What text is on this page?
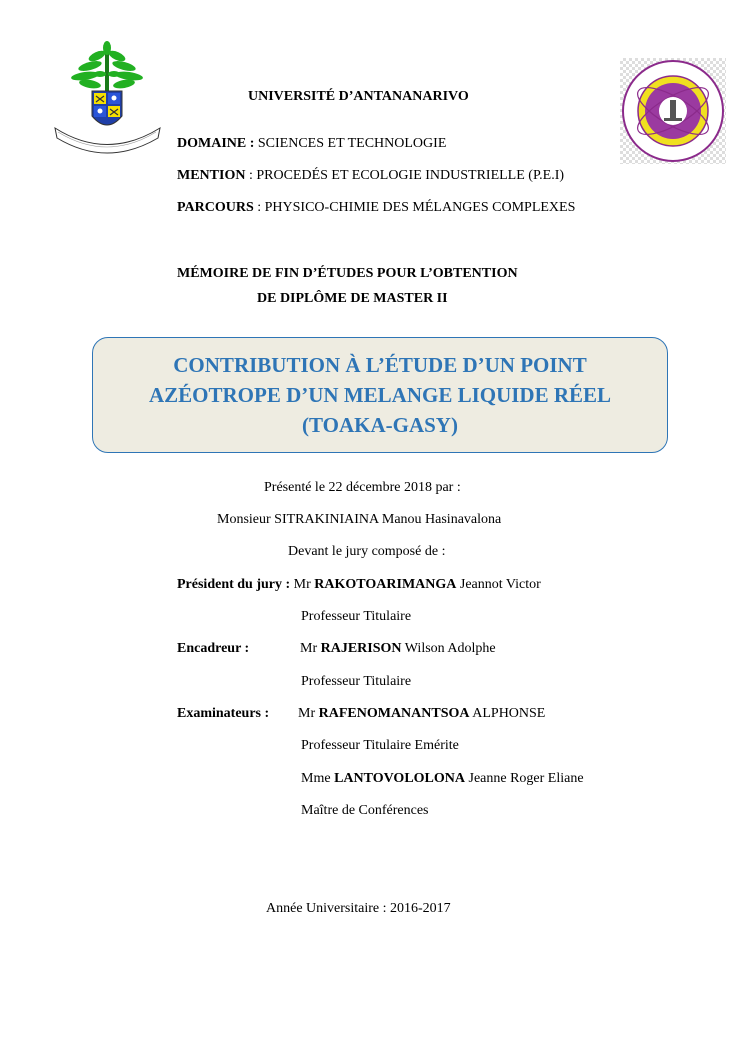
UNIVERSITÉ D’ANTANANARIVO
DOMAINE : SCIENCES ET TECHNOLOGIE
MENTION : PROCEDÉS ET ECOLOGIE INDUSTRIELLE (P.E.I)
PARCOURS : PHYSICO-CHIMIE DES MÉLANGES COMPLEXES
MÉMOIRE DE FIN D’ÉTUDES POUR L’OBTENTION
DE DIPLÔME DE MASTER II
CONTRIBUTION À L’ÉTUDE D’UN POINT
AZÉOTROPE D’UN MELANGE LIQUIDE RÉEL
(TOAKA-GASY)
Présenté le 22 décembre 2018 par :
Monsieur SITRAKINIAINA Manou Hasinavalona
Devant le jury composé de :
Président du jury : Mr RAKOTOARIMANGA Jeannot Victor
Professeur Titulaire
Encadreur :	Mr RAJERISON Wilson Adolphe
Professeur Titulaire
Examinateurs : Mr RAFENOMANANTSOA ALPHONSE
Professeur Titulaire Emérite
Mme LANTOVOLOLONA Jeanne Roger Eliane
Maître de Conférences
Année Universitaire : 2016-2017
